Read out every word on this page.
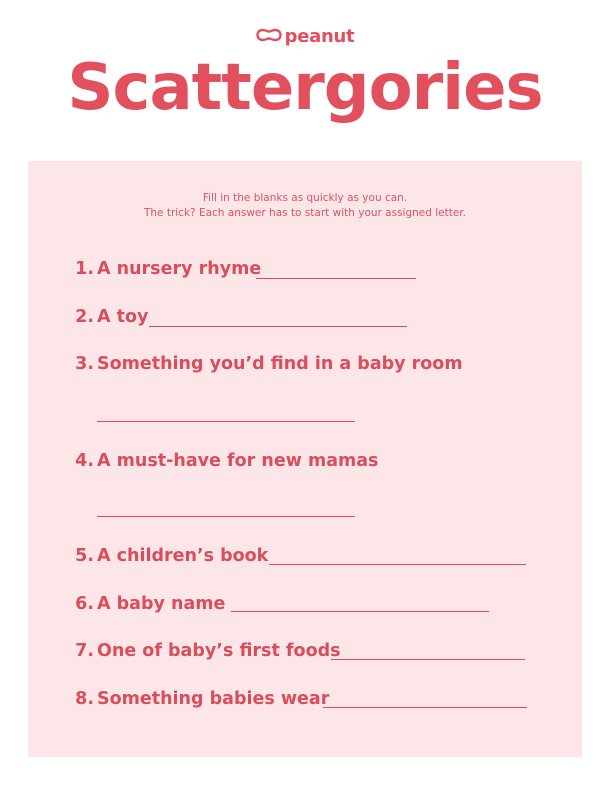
peanut
Scattergories
Fill in the blanks as quickly as you can.
The trick? Each answer has to start with your assigned letter.
1. A nursery rhyme
2. A toy
3. Something you’d find in a baby room
4. A must-have for new mamas
5. A children’s book
6. A baby name
7. One of baby’s first foods
8. Something babies wear
